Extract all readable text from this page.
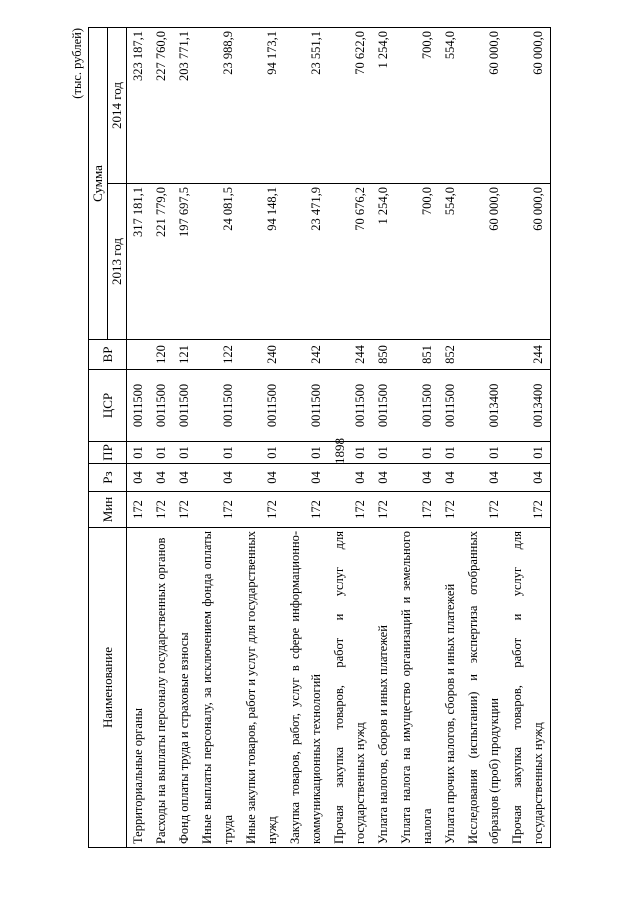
1898
(тыс. рублей)
Наименование	Мин	Рз	ПР	ЦСР	ВР	Сумма	
						2013 год	2014 год
Территориальные органы	172	04	01	0011500		317 181,1	323 187,1
Расходы на выплаты персоналу государственных органов	172	04	01	0011500	120	221 779,0	227 760,0
Фонд оплаты труда и страховые взносы	172	04	01	0011500	121	197 697,5	203 771,1
Иные выплаты персоналу, за исключением фонда оплаты труда	172	04	01	0011500	122	24 081,5	23 988,9
Иные закупки товаров, работ и услуг для государственных нужд	172	04	01	0011500	240	94 148,1	94 173,1
Закупка товаров, работ, услуг в сфере информационно-коммуникационных технологий	172	04	01	0011500	242	23 471,9	23 551,1
Прочая закупка товаров, работ и услуг для государственных нужд	172	04	01	0011500	244	70 676,2	70 622,0
Уплата налогов, сборов и иных платежей	172	04	01	0011500	850	1 254,0	1 254,0
Уплата налога на имущество организаций и земельного налога	172	04	01	0011500	851	700,0	700,0
Уплата прочих налогов, сборов и иных платежей	172	04	01	0011500	852	554,0	554,0
Исследования (испытании) и экспертиза отобранных образцов (проб) продукции	172	04	01	0013400		60 000,0	60 000,0
Прочая закупка товаров, работ и услуг для государственных нужд	172	04	01	0013400	244	60 000,0	60 000,0
